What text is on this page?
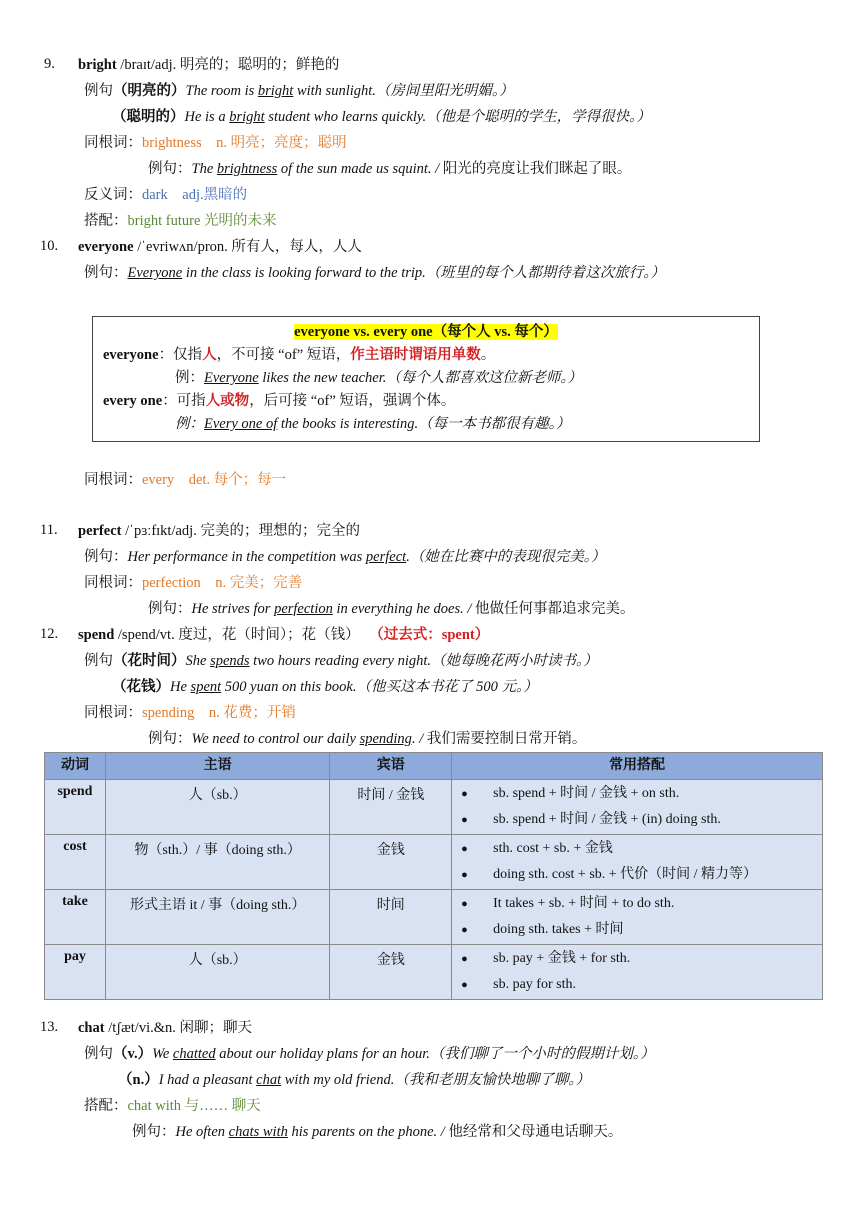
9. bright /braɪt/adj. 明亮的；聪明的；鲜艳的
例句（明亮的）The room is bright with sunlight.（房间里阳光明媚。）
（聪明的）He is a bright student who learns quickly.（他是个聪明的学生，学得很快。）
同根词：brightness　n. 明亮；亮度；聪明
例句：The brightness of the sun made us squint. / 阳光的亮度让我们眯起了眼。
反义词：dark　adj.黑暗的
搭配：bright future 光明的未来
10. everyone /ˈevriwʌn/pron. 所有人，每人，人人
例句：Everyone in the class is looking forward to the trip.（班里的每个人都期待着这次旅行。）
everyone vs. every one（每个人 vs. 每个）
everyone：仅指人，不可接 “of” 短语，作主语时谓语用单数。
例：Everyone likes the new teacher.（每个人都喜欢这位新老师。）
every one：可指人或物，后可接 “of” 短语，强调个体。
例：Every one of the books is interesting.（每一本书都很有趣。）
同根词：every　det. 每个；每一
11. perfect /ˈpɜːfɪkt/adj. 完美的；理想的；完全的
例句：Her performance in the competition was perfect.（她在比赛中的表现很完美。）
同根词：perfection　n. 完美；完善
例句：He strives for perfection in everything he does. / 他做任何事都追求完美。
12. spend /spend/vt. 度过，花（时间）；花（钱） （过去式：spent）
例句（花时间）She spends two hours reading every night.（她每晚花两小时读书。）
（花钱）He spent 500 yuan on this book.（他买这本书花了 500 元。）
同根词：spending　n. 花费；开销
例句：We need to control our daily spending. / 我们需要控制日常开销。
动词	主语	宾语	常用搭配
spend	人（sb.）	时间 / 金钱	● sb. spend + 时间 / 金钱 + on sth.
● sb. spend + 时间 / 金钱 + (in) doing sth.

cost	物（sth.）/ 事（doing sth.）	金钱	● sth. cost + sb. + 金钱
● doing sth. cost + sb. + 代价（时间 / 精力等）

take	形式主语 it / 事（doing sth.）	时间	● It takes + sb. + 时间 + to do sth.
● doing sth. takes + 时间

pay	人（sb.）	金钱	● sb. pay + 金钱 + for sth.
● sb. pay for sth.
13. chat /tʃæt/vi.&n. 闲聊；聊天
例句（v.）We chatted about our holiday plans for an hour.（我们聊了一个小时的假期计划。）
（n.）I had a pleasant chat with my old friend.（我和老朋友愉快地聊了聊。）
搭配：chat with 与…… 聊天
例句：He often chats with his parents on the phone. / 他经常和父母通电话聊天。
